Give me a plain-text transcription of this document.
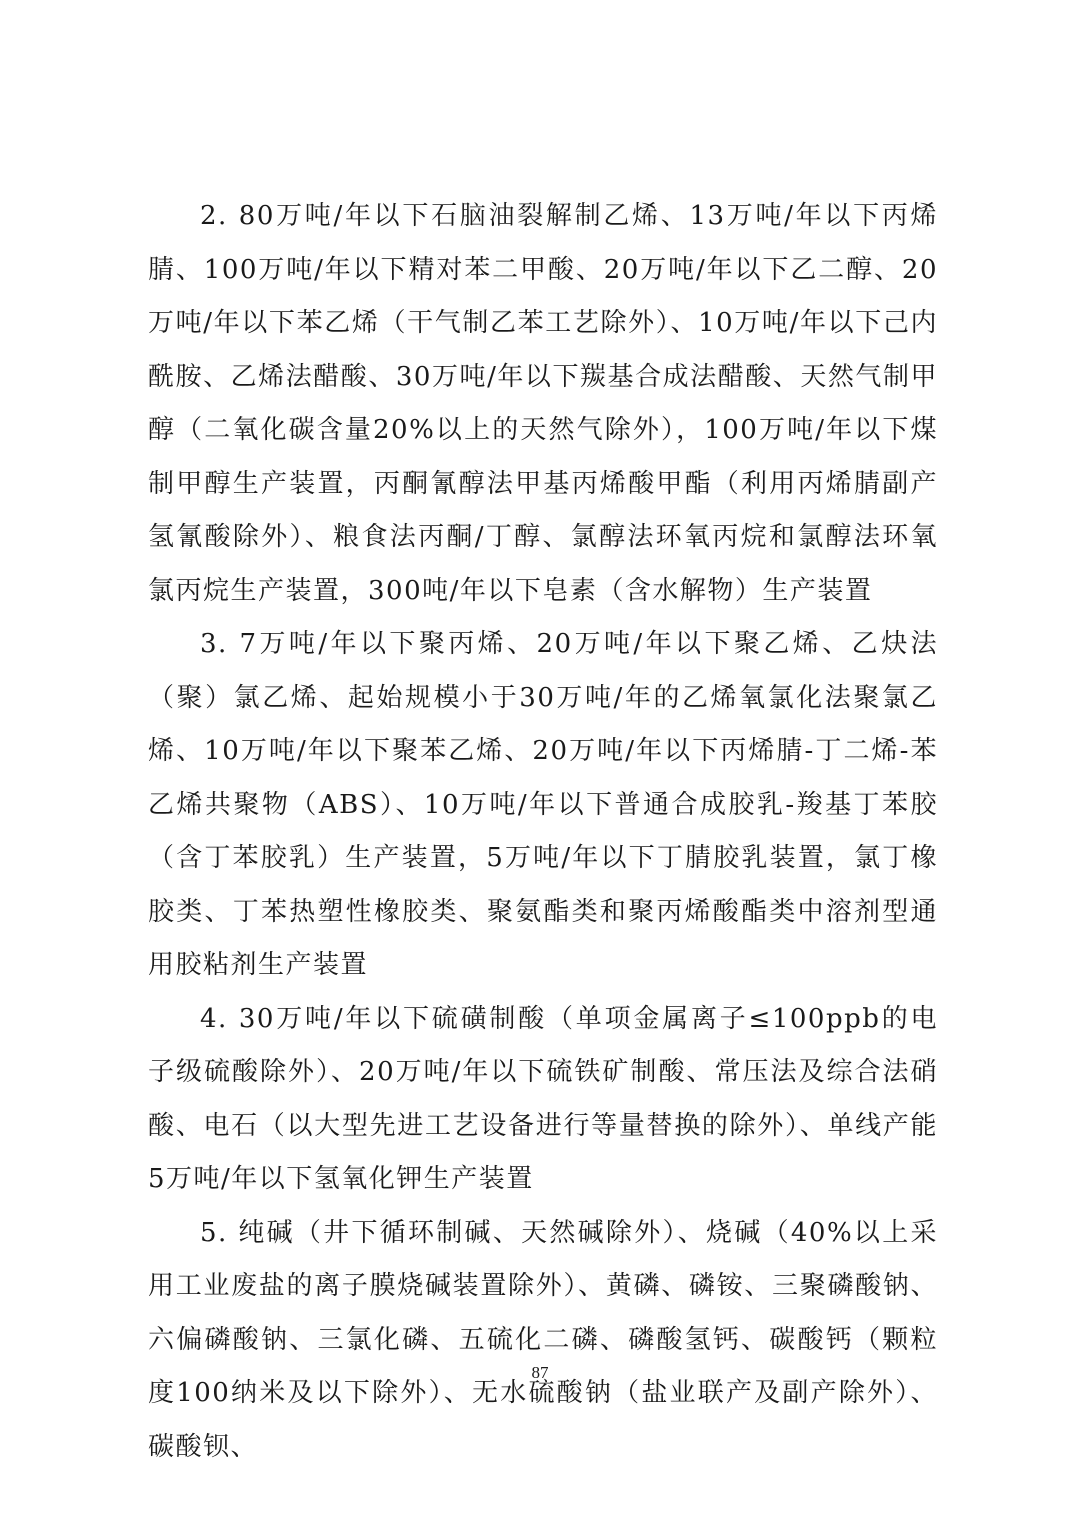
2. 80万吨/年以下石脑油裂解制乙烯、13万吨/年以下丙烯腈、100万吨/年以下精对苯二甲酸、20万吨/年以下乙二醇、20万吨/年以下苯乙烯（干气制乙苯工艺除外）、10万吨/年以下己内酰胺、乙烯法醋酸、30万吨/年以下羰基合成法醋酸、天然气制甲醇（二氧化碳含量20%以上的天然气除外），100万吨/年以下煤制甲醇生产装置，丙酮氰醇法甲基丙烯酸甲酯（利用丙烯腈副产氢氰酸除外）、粮食法丙酮/丁醇、氯醇法环氧丙烷和氯醇法环氧氯丙烷生产装置，300吨/年以下皂素（含水解物）生产装置

3. 7万吨/年以下聚丙烯、20万吨/年以下聚乙烯、乙炔法（聚）氯乙烯、起始规模小于30万吨/年的乙烯氧氯化法聚氯乙烯、10万吨/年以下聚苯乙烯、20万吨/年以下丙烯腈-丁二烯-苯乙烯共聚物（ABS）、10万吨/年以下普通合成胶乳-羧基丁苯胶（含丁苯胶乳）生产装置，5万吨/年以下丁腈胶乳装置，氯丁橡胶类、丁苯热塑性橡胶类、聚氨酯类和聚丙烯酸酯类中溶剂型通用胶粘剂生产装置

4. 30万吨/年以下硫磺制酸（单项金属离子≤100ppb的电子级硫酸除外）、20万吨/年以下硫铁矿制酸、常压法及综合法硝酸、电石（以大型先进工艺设备进行等量替换的除外）、单线产能5万吨/年以下氢氧化钾生产装置

5. 纯碱（井下循环制碱、天然碱除外）、烧碱（40%以上采用工业废盐的离子膜烧碱装置除外）、黄磷、磷铵、三聚磷酸钠、六偏磷酸钠、三氯化磷、五硫化二磷、磷酸氢钙、碳酸钙（颗粒度100纳米及以下除外）、无水硫酸钠（盐业联产及副产除外）、碳酸钡、

87
